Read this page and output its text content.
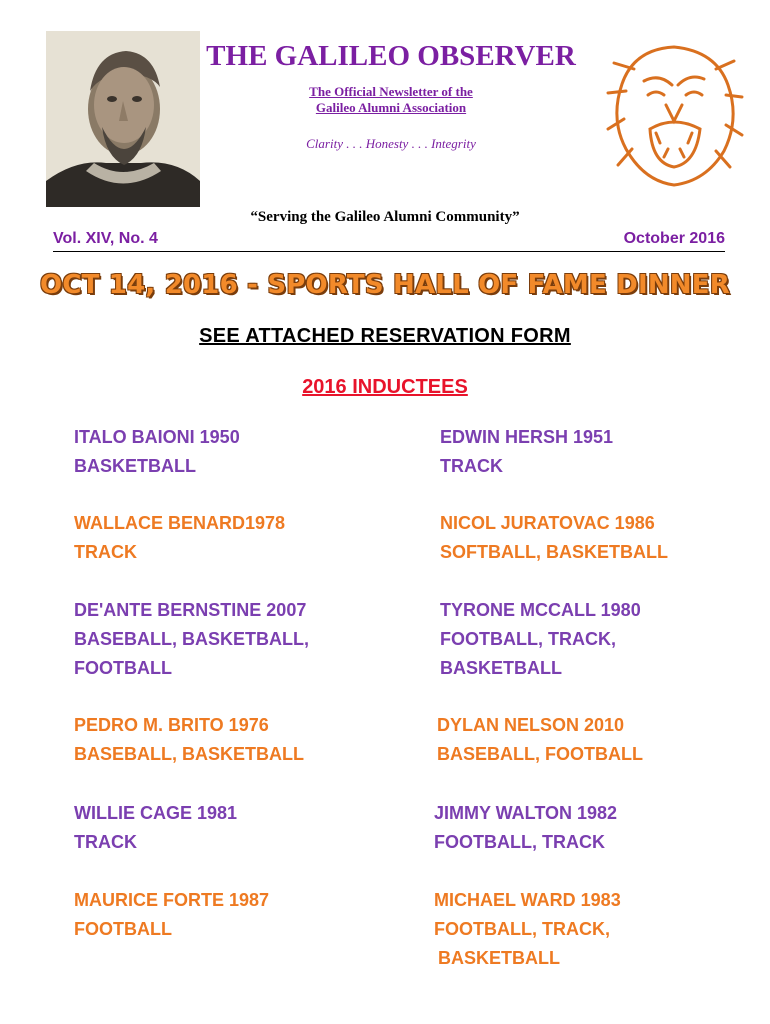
THE GALILEO OBSERVER
The Official Newsletter of the
Galileo Alumni Association
Clarity . . . Honesty . . . Integrity
“Serving the Galileo Alumni Community”
Vol. XIV, No. 4	October 2016
OCT 14, 2016 - SPORTS HALL OF FAME DINNER
SEE ATTACHED RESERVATION FORM
2016 INDUCTEES
ITALO BAIONI 1950
BASKETBALL
EDWIN HERSH 1951
TRACK
WALLACE BENARD1978
TRACK
NICOL JURATOVAC 1986
SOFTBALL, BASKETBALL
DE'ANTE BERNSTINE 2007
BASEBALL, BASKETBALL,
FOOTBALL
TYRONE MCCALL 1980
FOOTBALL, TRACK,
BASKETBALL
PEDRO M. BRITO 1976
BASEBALL, BASKETBALL
DYLAN NELSON 2010
BASEBALL, FOOTBALL
WILLIE CAGE 1981
TRACK
JIMMY WALTON 1982
FOOTBALL, TRACK
MAURICE FORTE 1987
FOOTBALL
MICHAEL WARD 1983
FOOTBALL, TRACK,
BASKETBALL
